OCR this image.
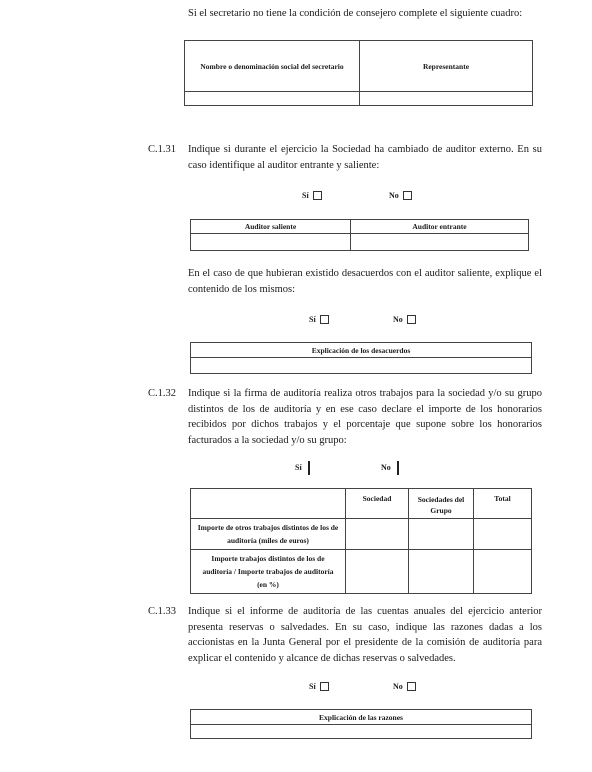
Si el secretario no tiene la condición de consejero complete el siguiente cuadro:
Nombre o denominación social del secretario	Representante

C.1.31 Indique si durante el ejercicio la Sociedad ha cambiado de auditor externo. En su caso identifique al auditor entrante y saliente:
Sí	No
Auditor saliente	Auditor entrante

En el caso de que hubieran existido desacuerdos con el auditor saliente, explique el contenido de los mismos:
Sí	No
Explicación de los desacuerdos

C.1.32 Indique si la firma de auditoría realiza otros trabajos para la sociedad y/o su grupo distintos de los de auditoría y en ese caso declare el importe de los honorarios recibidos por dichos trabajos y el porcentaje que supone sobre los honorarios facturados a la sociedad y/o su grupo:
Sí	No
	Sociedad	Sociedades del Grupo	Total
Importe de otros trabajos distintos de los de auditoría (miles de euros)			
Importe trabajos distintos de los de auditoría / Importe trabajos de auditoría (en %)			
C.1.33 Indique si el informe de auditoría de las cuentas anuales del ejercicio anterior presenta reservas o salvedades. En su caso, indique las razones dadas a los accionistas en la Junta General por el presidente de la comisión de auditoría para explicar el contenido y alcance de dichas reservas o salvedades.
Sí	No
Explicación de las razones
